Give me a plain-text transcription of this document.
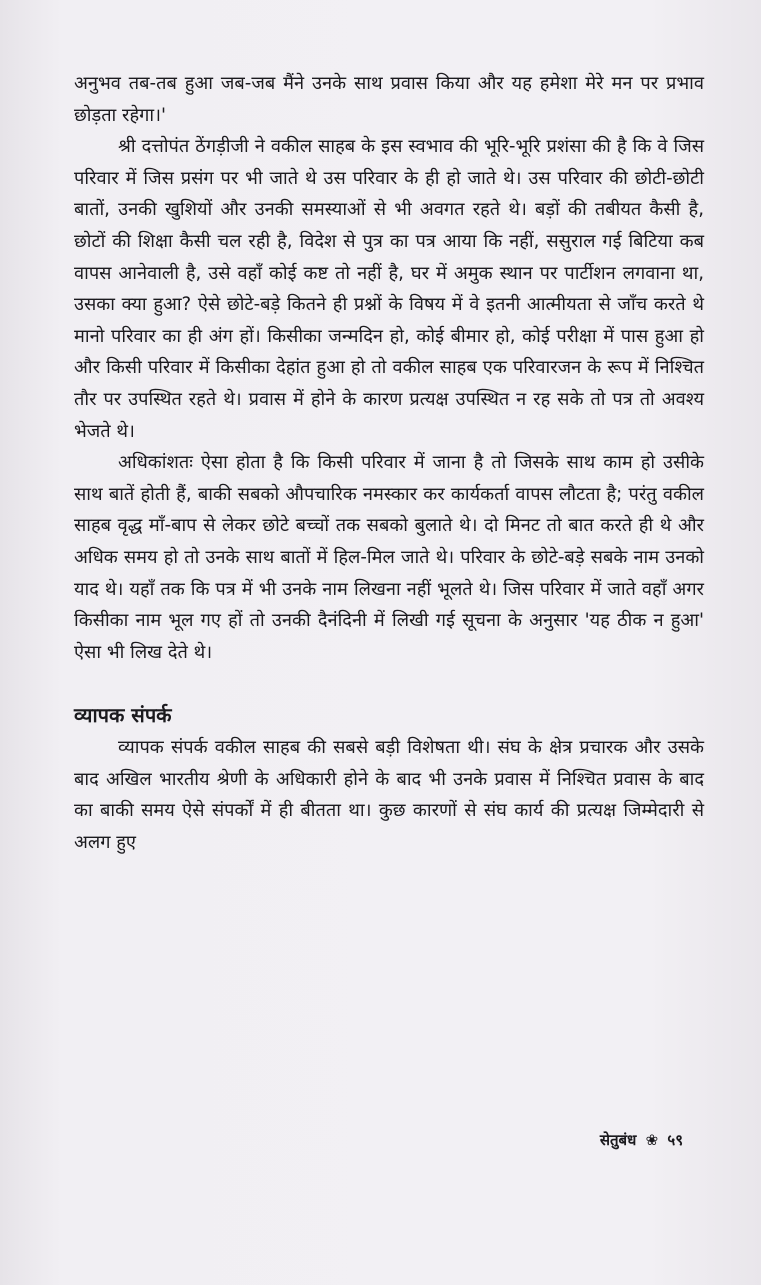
अनुभव तब-तब हुआ जब-जब मैंने उनके साथ प्रवास किया और यह हमेशा मेरे मन पर प्रभाव छोड़ता रहेगा।'

श्री दत्तोपंत ठेंगड़ीजी ने वकील साहब के इस स्वभाव की भूरि-भूरि प्रशंसा की है कि वे जिस परिवार में जिस प्रसंग पर भी जाते थे उस परिवार के ही हो जाते थे। उस परिवार की छोटी-छोटी बातों, उनकी खुशियों और उनकी समस्याओं से भी अवगत रहते थे। बड़ों की तबीयत कैसी है, छोटों की शिक्षा कैसी चल रही है, विदेश से पुत्र का पत्र आया कि नहीं, ससुराल गई बिटिया कब वापस आनेवाली है, उसे वहाँ कोई कष्ट तो नहीं है, घर में अमुक स्थान पर पार्टीशन लगवाना था, उसका क्या हुआ? ऐसे छोटे-बड़े कितने ही प्रश्नों के विषय में वे इतनी आत्मीयता से जाँच करते थे मानो परिवार का ही अंग हों। किसीका जन्मदिन हो, कोई बीमार हो, कोई परीक्षा में पास हुआ हो और किसी परिवार में किसीका देहांत हुआ हो तो वकील साहब एक परिवारजन के रूप में निश्चित तौर पर उपस्थित रहते थे। प्रवास में होने के कारण प्रत्यक्ष उपस्थित न रह सके तो पत्र तो अवश्य भेजते थे।

अधिकांशतः ऐसा होता है कि किसी परिवार में जाना है तो जिसके साथ काम हो उसीके साथ बातें होती हैं, बाकी सबको औपचारिक नमस्कार कर कार्यकर्ता वापस लौटता है; परंतु वकील साहब वृद्ध माँ-बाप से लेकर छोटे बच्चों तक सबको बुलाते थे। दो मिनट तो बात करते ही थे और अधिक समय हो तो उनके साथ बातों में हिल-मिल जाते थे। परिवार के छोटे-बड़े सबके नाम उनको याद थे। यहाँ तक कि पत्र में भी उनके नाम लिखना नहीं भूलते थे। जिस परिवार में जाते वहाँ अगर किसीका नाम भूल गए हों तो उनकी दैनंदिनी में लिखी गई सूचना के अनुसार 'यह ठीक न हुआ' ऐसा भी लिख देते थे।

व्यापक संपर्क

व्यापक संपर्क वकील साहब की सबसे बड़ी विशेषता थी। संघ के क्षेत्र प्रचारक और उसके बाद अखिल भारतीय श्रेणी के अधिकारी होने के बाद भी उनके प्रवास में निश्चित प्रवास के बाद का बाकी समय ऐसे संपर्कों में ही बीतता था। कुछ कारणों से संघ कार्य की प्रत्यक्ष जिम्मेदारी से अलग हुए

सेतुबंध ❀ ५९
